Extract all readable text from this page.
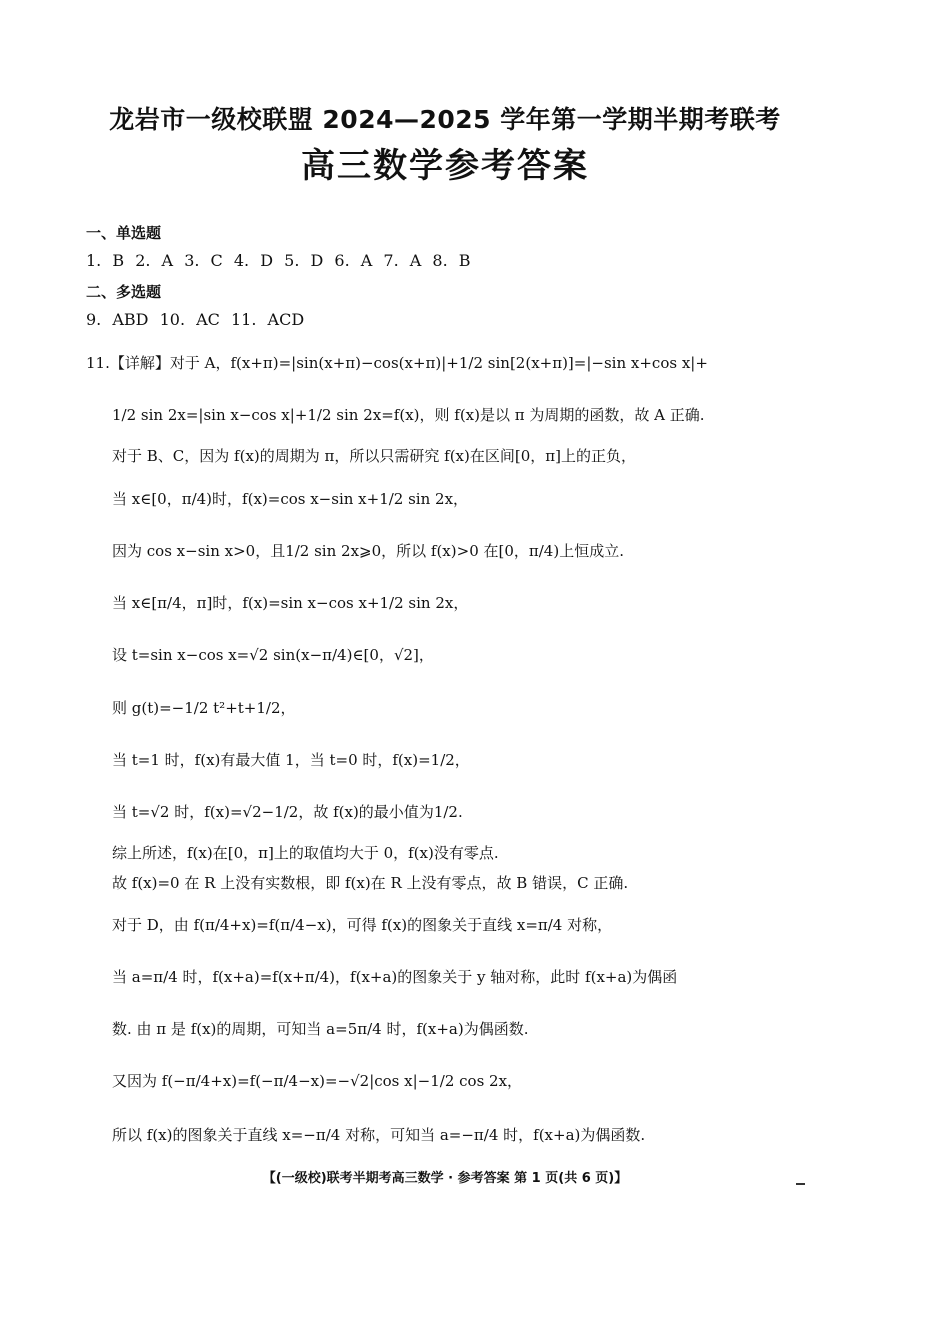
龙岩市一级校联盟 2024—2025 学年第一学期半期考联考
高三数学参考答案
一、单选题
1. B 2. A 3. C 4. D 5. D 6. A 7. A 8. B
二、多选题
9. ABD 10. AC 11. ACD
11.【详解】对于 A，f(x+π)=|sin(x+π)−cos(x+π)|+1/2 sin[2(x+π)]=|−sin x+cos x|+
1/2 sin 2x=|sin x−cos x|+1/2 sin 2x=f(x)，则 f(x)是以 π 为周期的函数，故 A 正确.
对于 B、C，因为 f(x)的周期为 π，所以只需研究 f(x)在区间[0，π]上的正负，
当 x∈[0，π/4)时，f(x)=cos x−sin x+1/2 sin 2x，
因为 cos x−sin x>0，且1/2 sin 2x⩾0，所以 f(x)>0 在[0，π/4)上恒成立.
当 x∈[π/4，π]时，f(x)=sin x−cos x+1/2 sin 2x，
设 t=sin x−cos x=√2 sin(x−π/4)∈[0，√2]，
则 g(t)=−1/2 t²+t+1/2，
当 t=1 时，f(x)有最大值 1，当 t=0 时，f(x)=1/2，
当 t=√2 时，f(x)=√2−1/2，故 f(x)的最小值为1/2.
综上所述，f(x)在[0，π]上的取值均大于 0，f(x)没有零点.
故 f(x)=0 在 R 上没有实数根，即 f(x)在 R 上没有零点，故 B 错误，C 正确.
对于 D，由 f(π/4+x)=f(π/4−x)，可得 f(x)的图象关于直线 x=π/4 对称，
当 a=π/4 时，f(x+a)=f(x+π/4)，f(x+a)的图象关于 y 轴对称，此时 f(x+a)为偶函
数. 由 π 是 f(x)的周期，可知当 a=5π/4 时，f(x+a)为偶函数.
又因为 f(−π/4+x)=f(−π/4−x)=−√2|cos x|−1/2 cos 2x，
所以 f(x)的图象关于直线 x=−π/4 对称，可知当 a=−π/4 时，f(x+a)为偶函数.
【(一级校)联考半期考高三数学 · 参考答案 第 1 页(共 6 页)】
